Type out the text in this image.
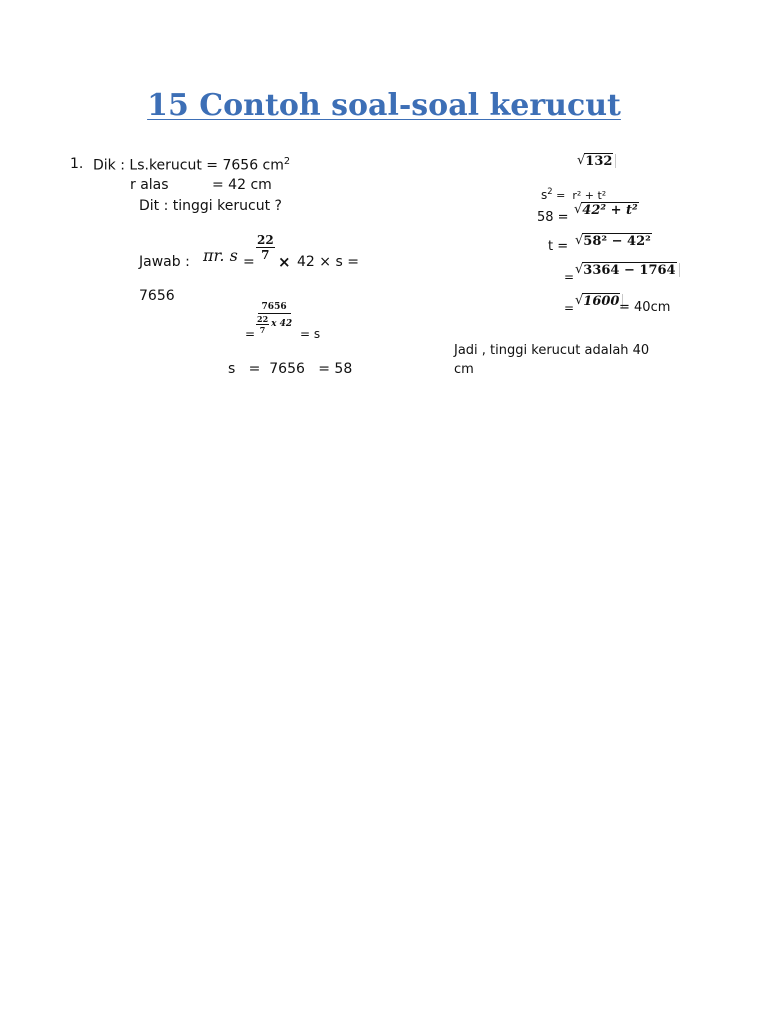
15 Contoh soal-soal kerucut
1. Dik : Ls.kerucut = 7656 $cm^2$
r alas	= 42 cm
Dit : tinggi kerucut ?
Jawab : πr. s =
$\frac{22}{7}$
× 42 × s =
7656
= $\frac{7656}{\frac{22}{7} x 42} = s$
s   =  7656   = 58
√ 132
$s^2 = r^2 + t^2$
58 =
√ 42² + t²
t = √ 58² − 42²
= √ 3364 − 1764
= √ 1600 = 40cm
Jadi , tinggi kerucut adalah 40
cm
